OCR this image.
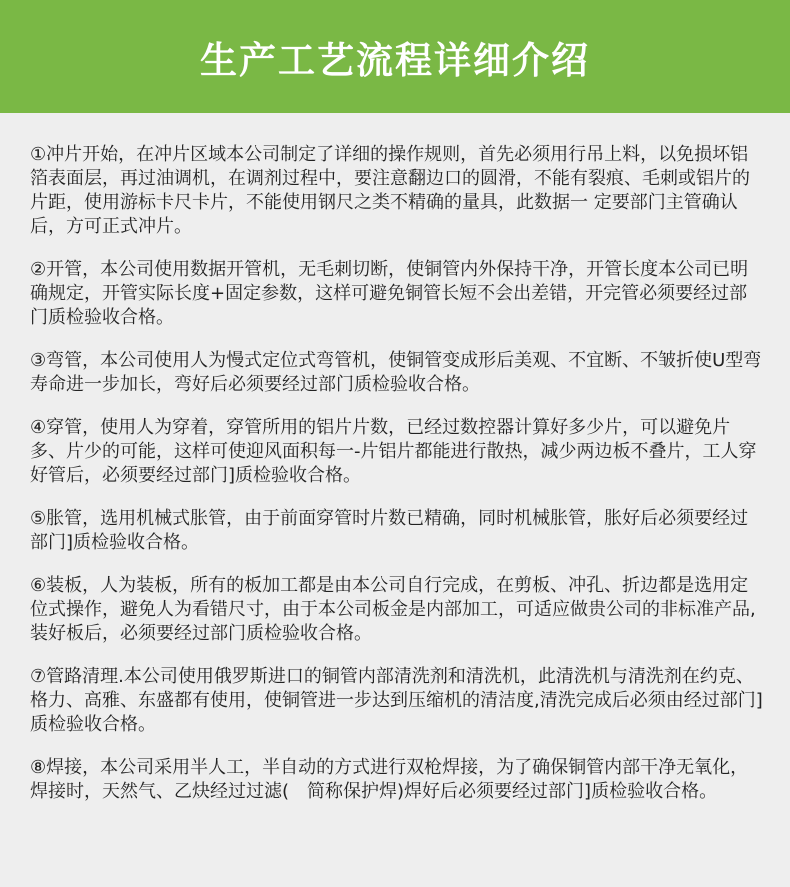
生产工艺流程详细介绍

①冲片开始，在冲片区域本公司制定了详细的操作规则，首先必须用行吊上料，以免损坏铝箔表面层，再过油调机，在调剂过程中，要注意翻边口的圆滑，不能有裂痕、毛刺或铝片的片距，使用游标卡尺卡片，不能使用钢尺之类不精确的量具，此数据一 定要部门主管确认后，方可正式冲片。

②开管，本公司使用数据开管机，无毛刺切断，使铜管内外保持干净，开管长度本公司已明确规定，开管实际长度+固定参数，这样可避免铜管长短不会出差错，开完管必须要经过部门质检验收合格。

③弯管，本公司使用人为慢式定位式弯管机，使铜管变成形后美观、不宜断、不皱折使U型弯寿命进一步加长，弯好后必须要经过部门质检验收合格。

④穿管，使用人为穿着，穿管所用的铝片片数，已经过数控器计算好多少片，可以避免片多、片少的可能，这样可使迎风面积每一-片铝片都能进行散热，减少两边板不叠片，工人穿好管后，必须要经过部门]质检验收合格。

⑤胀管，选用机械式胀管，由于前面穿管时片数已精确，同时机械胀管，胀好后必须要经过部门]质检验收合格。

⑥装板，人为装板，所有的板加工都是由本公司自行完成，在剪板、冲孔、折边都是选用定位式操作，避免人为看错尺寸，由于本公司板金是内部加工，可适应做贵公司的非标准产品,装好板后，必须要经过部门质检验收合格。

⑦管路清理.本公司使用俄罗斯进口的铜管内部清洗剂和清洗机，此清洗机与清洗剂在约克、格力、高雅、东盛都有使用，使铜管进一步达到压缩机的清洁度,清洗完成后必须由经过部门]质检验收合格。

⑧焊接，本公司采用半人工，半自动的方式进行双枪焊接，为了确保铜管内部干净无氧化，焊接时，天然气、乙炔经过过滤(　简称保护焊)焊好后必须要经过部门]质检验收合格。
